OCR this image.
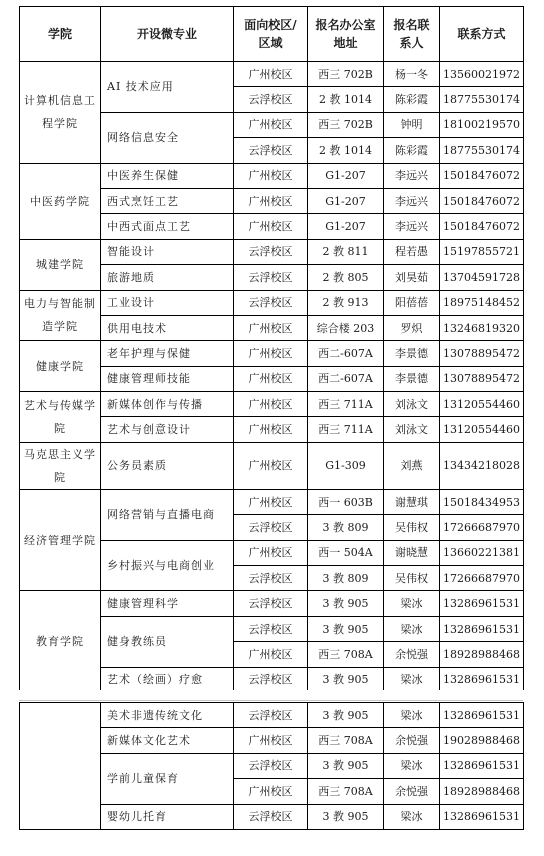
学院	开设微专业	面向校区/区域	报名办公室地址	报名联系人	联系方式
计算机信息工程学院	AI 技术应用	广州校区	西三 702B	杨一冬	13560021972
		云浮校区	2 教 1014	陈彩霞	18775530174
	网络信息安全	广州校区	西三 702B	钟明	18100219570
		云浮校区	2 教 1014	陈彩霞	18775530174
中医药学院	中医养生保健	广州校区	G1-207	李远兴	15018476072
	西式烹饪工艺	广州校区	G1-207	李远兴	15018476072
	中西式面点工艺	广州校区	G1-207	李远兴	15018476072
城建学院	智能设计	云浮校区	2 教 811	程若愚	15197855721
	旅游地质	云浮校区	2 教 805	刘昊茹	13704591728
电力与智能制造学院	工业设计	云浮校区	2 教 913	阳蓓蓓	18975148452
	供用电技术	广州校区	综合楼 203	罗炽	13246819320
健康学院	老年护理与保健	广州校区	西二-607A	李景德	13078895472
	健康管理师技能	广州校区	西二-607A	李景德	13078895472
艺术与传媒学院	新媒体创作与传播	广州校区	西三 711A	刘泳文	13120554460
	艺术与创意设计	广州校区	西三 711A	刘泳文	13120554460
马克思主义学院	公务员素质	广州校区	G1-309	刘燕	13434218028
经济管理学院	网络营销与直播电商	广州校区	西一 603B	谢慧琪	15018434953
		云浮校区	3 教 809	吴伟权	17266687970
	乡村振兴与电商创业	广州校区	西一 504A	谢晓慧	13660221381
		云浮校区	3 教 809	吴伟权	17266687970
教育学院	健康管理科学	云浮校区	3 教 905	梁冰	13286961531
	健身教练员	云浮校区	3 教 905	梁冰	13286961531
		广州校区	西三 708A	余悦强	18928988468
	艺术（绘画）疗愈	云浮校区	3 教 905	梁冰	13286961531
	美术非遗传统文化	云浮校区	3 教 905	梁冰	13286961531
	新媒体文化艺术	广州校区	西三 708A	余悦强	19028988468
	学前儿童保育	云浮校区	3 教 905	梁冰	13286961531
		广州校区	西三 708A	余悦强	18928988468
	婴幼儿托育	云浮校区	3 教 905	梁冰	13286961531
